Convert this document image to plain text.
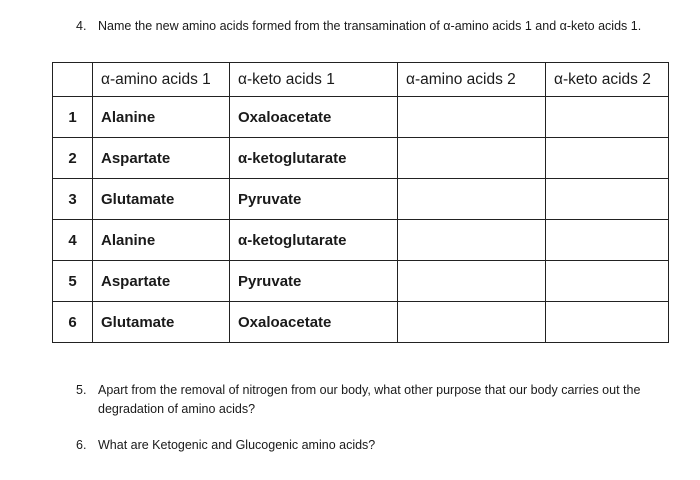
4. Name the new amino acids formed from the transamination of α-amino acids 1 and α-keto acids 1.
	α-amino acids 1	α-keto acids 1	α-amino acids 2	α-keto acids 2
1	Alanine	Oxaloacetate		
2	Aspartate	α-ketoglutarate		
3	Glutamate	Pyruvate		
4	Alanine	α-ketoglutarate		
5	Aspartate	Pyruvate		
6	Glutamate	Oxaloacetate		
5. Apart from the removal of nitrogen from our body, what other purpose that our body carries out the degradation of amino acids?
6. What are Ketogenic and Glucogenic amino acids?
